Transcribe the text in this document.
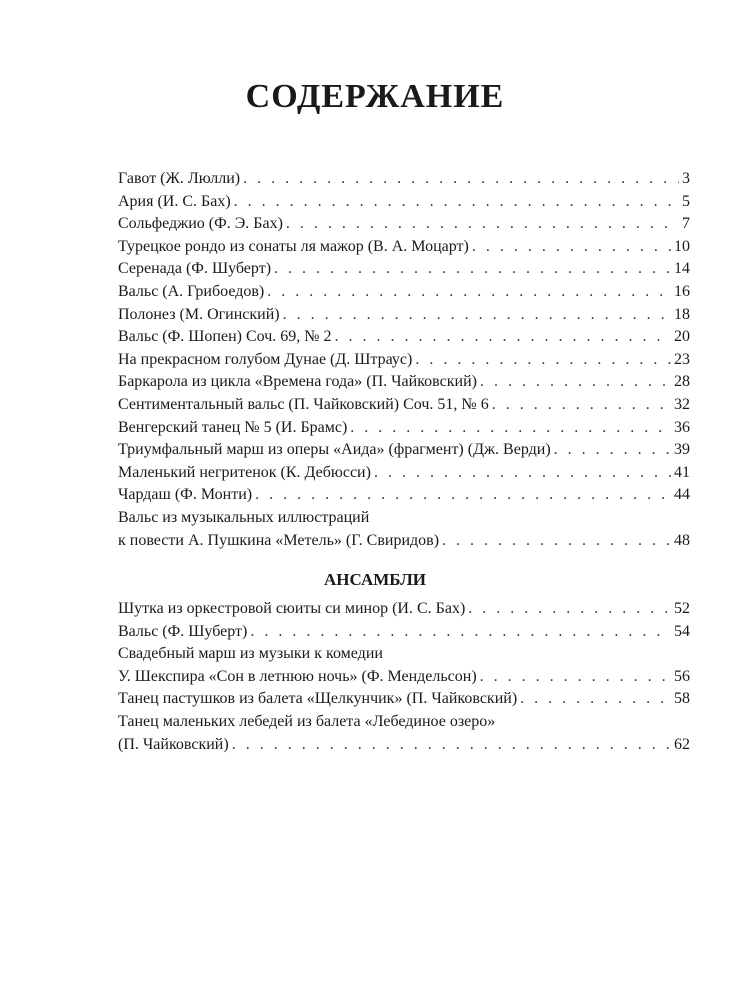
СОДЕРЖАНИЕ
Гавот (Ж. Люлли) . . .	3
Ария (И. С. Бах) . . .	5
Сольфеджио (Ф. Э. Бах) . . .	7
Турецкое рондо из сонаты ля мажор (В. А. Моцарт) . . .	10
Серенада (Ф. Шуберт) . . .	14
Вальс (А. Грибоедов) . . .	16
Полонез (М. Огинский) . . .	18
Вальс (Ф. Шопен) Соч. 69, № 2 . . .	20
На прекрасном голубом Дунае (Д. Штраус) . . .	23
Баркарола из цикла «Времена года» (П. Чайковский) . . .	28
Сентиментальный вальс (П. Чайковский) Соч. 51, № 6 . . .	32
Венгерский танец № 5 (И. Брамс) . . .	36
Триумфальный марш из оперы «Аида» (фрагмент) (Дж. Верди) . . .	39
Маленький негритенок (К. Дебюсси) . . .	41
Чардаш (Ф. Монти) . . .	44
Вальс из музыкальных иллюстраций
к повести А. Пушкина «Метель» (Г. Свиридов) . . .	48
АНСАМБЛИ
Шутка из оркестровой сюиты си минор (И. С. Бах) . . .	52
Вальс (Ф. Шуберт) . . .	54
Свадебный марш из музыки к комедии
У. Шекспира «Сон в летнюю ночь» (Ф. Мендельсон) . . .	56
Танец пастушков из балета «Щелкунчик» (П. Чайковский) . . .	58
Танец маленьких лебедей из балета «Лебединое озеро»
(П. Чайковский) . . .	62
